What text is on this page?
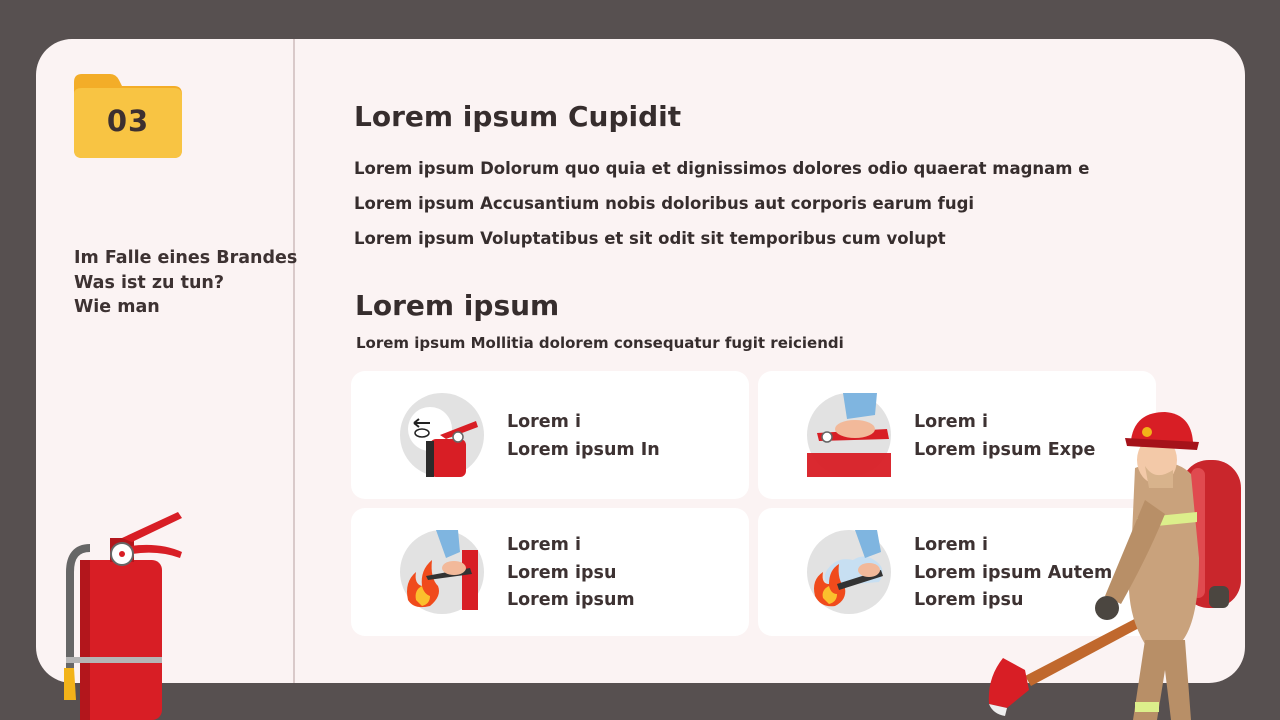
03
Im Falle eines Brandes
Was ist zu tun?
Wie man
Lorem ipsum Cupidit
Lorem ipsum Dolorum quo quia et dignissimos dolores odio quaerat magnam e
Lorem ipsum Accusantium nobis doloribus aut corporis earum fugi
Lorem ipsum Voluptatibus et sit odit sit temporibus cum volupt
Lorem ipsum
Lorem ipsum Mollitia dolorem consequatur fugit reiciendi
Lorem i
Lorem ipsum In
Lorem i
Lorem ipsum Expe
Lorem i
Lorem ipsu
Lorem ipsum
Lorem i
Lorem ipsum Autem
Lorem ipsu
